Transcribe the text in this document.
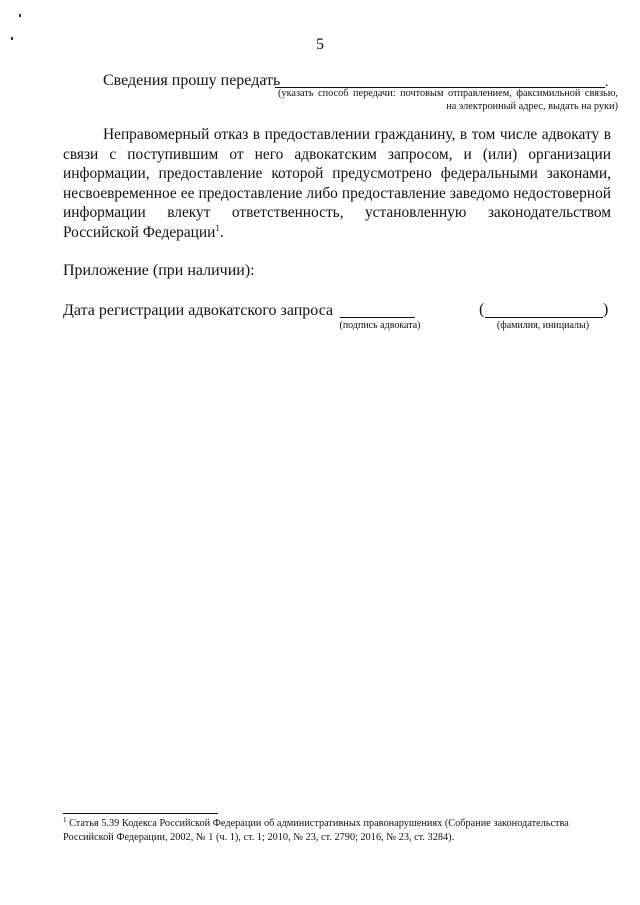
5
Сведения прошу передать	.
(указать способ передачи: почтовым отправлением, факсимильной связью, на электронный адрес, выдать на руки)
Неправомерный отказ в предоставлении гражданину, в том числе адвокату в связи с поступившим от него адвокатским запросом, и (или) организации информации, предоставление которой предусмотрено федеральными законами, несвоевременное ее предоставление либо предоставление заведомо недостоверной информации влекут ответственность, установленную законодательством Российской Федерации$^1$.
Приложение (при наличии):
Дата регистрации адвокатского запроса
(подпись адвоката)
(	)
(фамилия, инициалы)
$^1$ Статья 5.39 Кодекса Российской Федерации об административных правонарушениях (Собрание законодательства Российской Федерации, 2002, № 1 (ч. 1), ст. 1; 2010, № 23, ст. 2790; 2016, № 23, ст. 3284).
